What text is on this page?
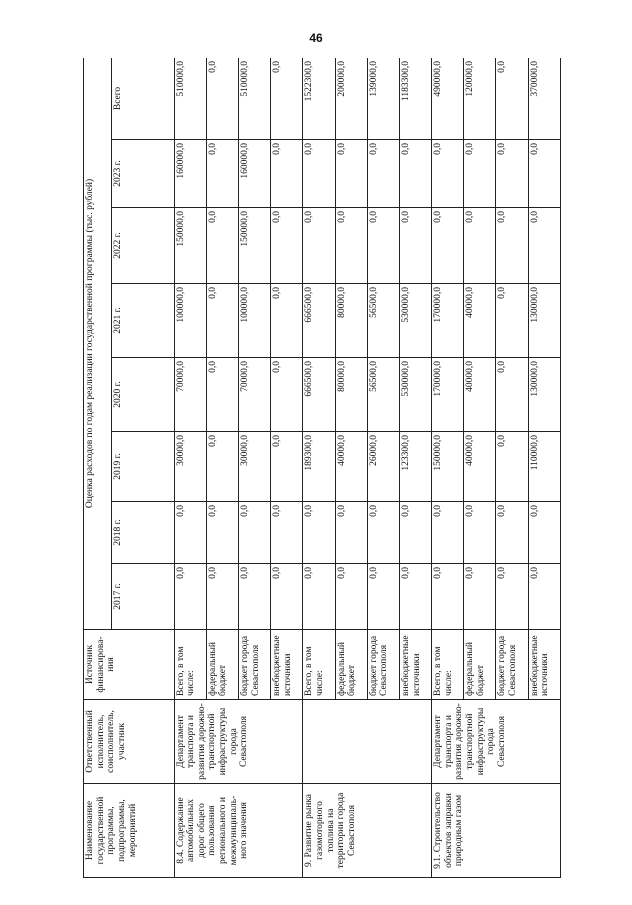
46
Наименование государственной программы, подпрограммы, мероприятий	Ответственный исполнитель, соисполнитель, участник	Источник финансирова-ния	Оценка расходов по годам реализации государственной программы (тыс. рублей)							
			2017 г.	2018 г.	2019 г.	2020 г.	2021 г.	2022 г.	2023 г.	Всего
8.4. Содержание автомобильных дорог общего пользования регионального и межмуниципаль-ного значения	Департамент транспорта и развития дорожно-транспортной инфраструктуры города Севастополя	Всего, в том числе:	0,0	0,0	30000,0	70000,0	100000,0	150000,0	160000,0	510000,0
		федеральный бюджет	0,0	0,0	0,0	0,0	0,0	0,0	0,0	0,0
		бюджет города Севастополя	0,0	0,0	30000,0	70000,0	100000,0	150000,0	160000,0	510000,0
		внебюджетные источники	0,0	0,0	0,0	0,0	0,0	0,0	0,0	0,0
9. Развитие рынка газомоторного топлива на территории города Севастополя		Всего, в том числе:	0,0	0,0	189300,0	666500,0	666500,0	0,0	0,0	1522300,0
		федеральный бюджет	0,0	0,0	40000,0	80000,0	80000,0	0,0	0,0	200000,0
		бюджет города Севастополя	0,0	0,0	26000,0	56500,0	56500,0	0,0	0,0	139000,0
		внебюджетные источники	0,0	0,0	123300,0	530000,0	530000,0	0,0	0,0	1183300,0
9.1. Строительство объектов заправки природным газом	Департамент транспорта и развития дорожно-транспортной инфраструктуры города Севастополя	Всего, в том числе:	0,0	0,0	150000,0	170000,0	170000,0	0,0	0,0	490000,0
		федеральный бюджет	0,0	0,0	40000,0	40000,0	40000,0	0,0	0,0	120000,0
		бюджет города Севастополя	0,0	0,0	0,0	0,0	0,0	0,0	0,0	0,0
		внебюджетные источники	0,0	0,0	110000,0	130000,0	130000,0	0,0	0,0	370000,0
